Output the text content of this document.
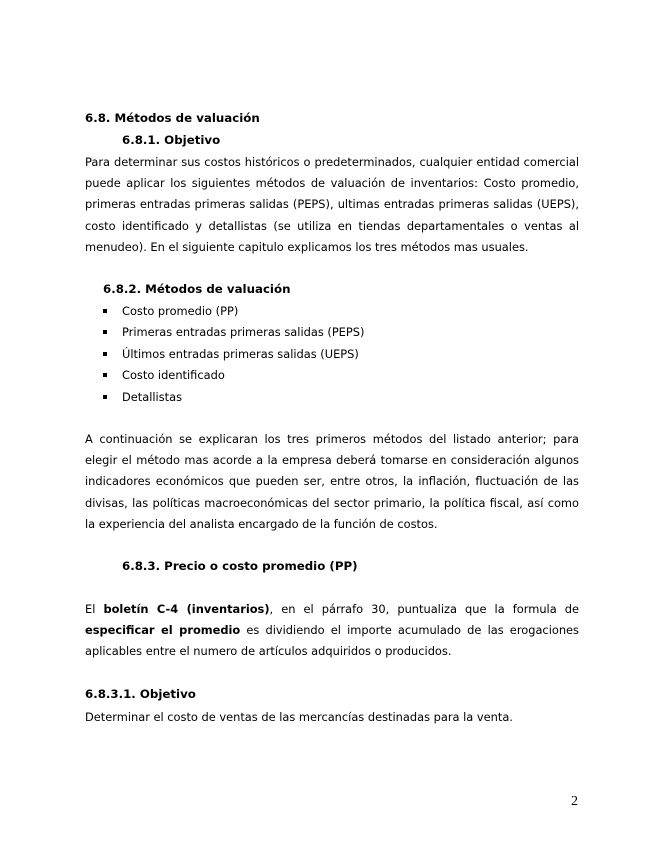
6.8. Métodos de valuación
6.8.1. Objetivo

Para determinar sus costos históricos o predeterminados, cualquier entidad comercial puede aplicar los siguientes métodos de valuación de inventarios: Costo promedio, primeras entradas primeras salidas (PEPS), ultimas entradas primeras salidas (UEPS), costo identificado y detallistas (se utiliza en tiendas departamentales o ventas al menudeo). En el siguiente capitulo explicamos los tres métodos mas usuales.

6.8.2. Métodos de valuación
Costo promedio (PP)
Primeras entradas primeras salidas (PEPS)
Últimos entradas primeras salidas (UEPS)
Costo identificado
Detallistas

A continuación se explicaran los tres primeros métodos del listado anterior; para elegir el método mas acorde a la empresa deberá tomarse en consideración algunos indicadores económicos que pueden ser, entre otros, la inflación, fluctuación de las divisas, las políticas macroeconómicas del sector primario, la política fiscal, así como la experiencia del analista encargado de la función de costos.

6.8.3. Precio o costo promedio (PP)

El boletín C-4 (inventarios), en el párrafo 30, puntualiza que la formula de especificar el promedio es dividiendo el importe acumulado de las erogaciones aplicables entre el numero de artículos adquiridos o producidos.

6.8.3.1. Objetivo

Determinar el costo de ventas de las mercancías destinadas para la venta.

2
